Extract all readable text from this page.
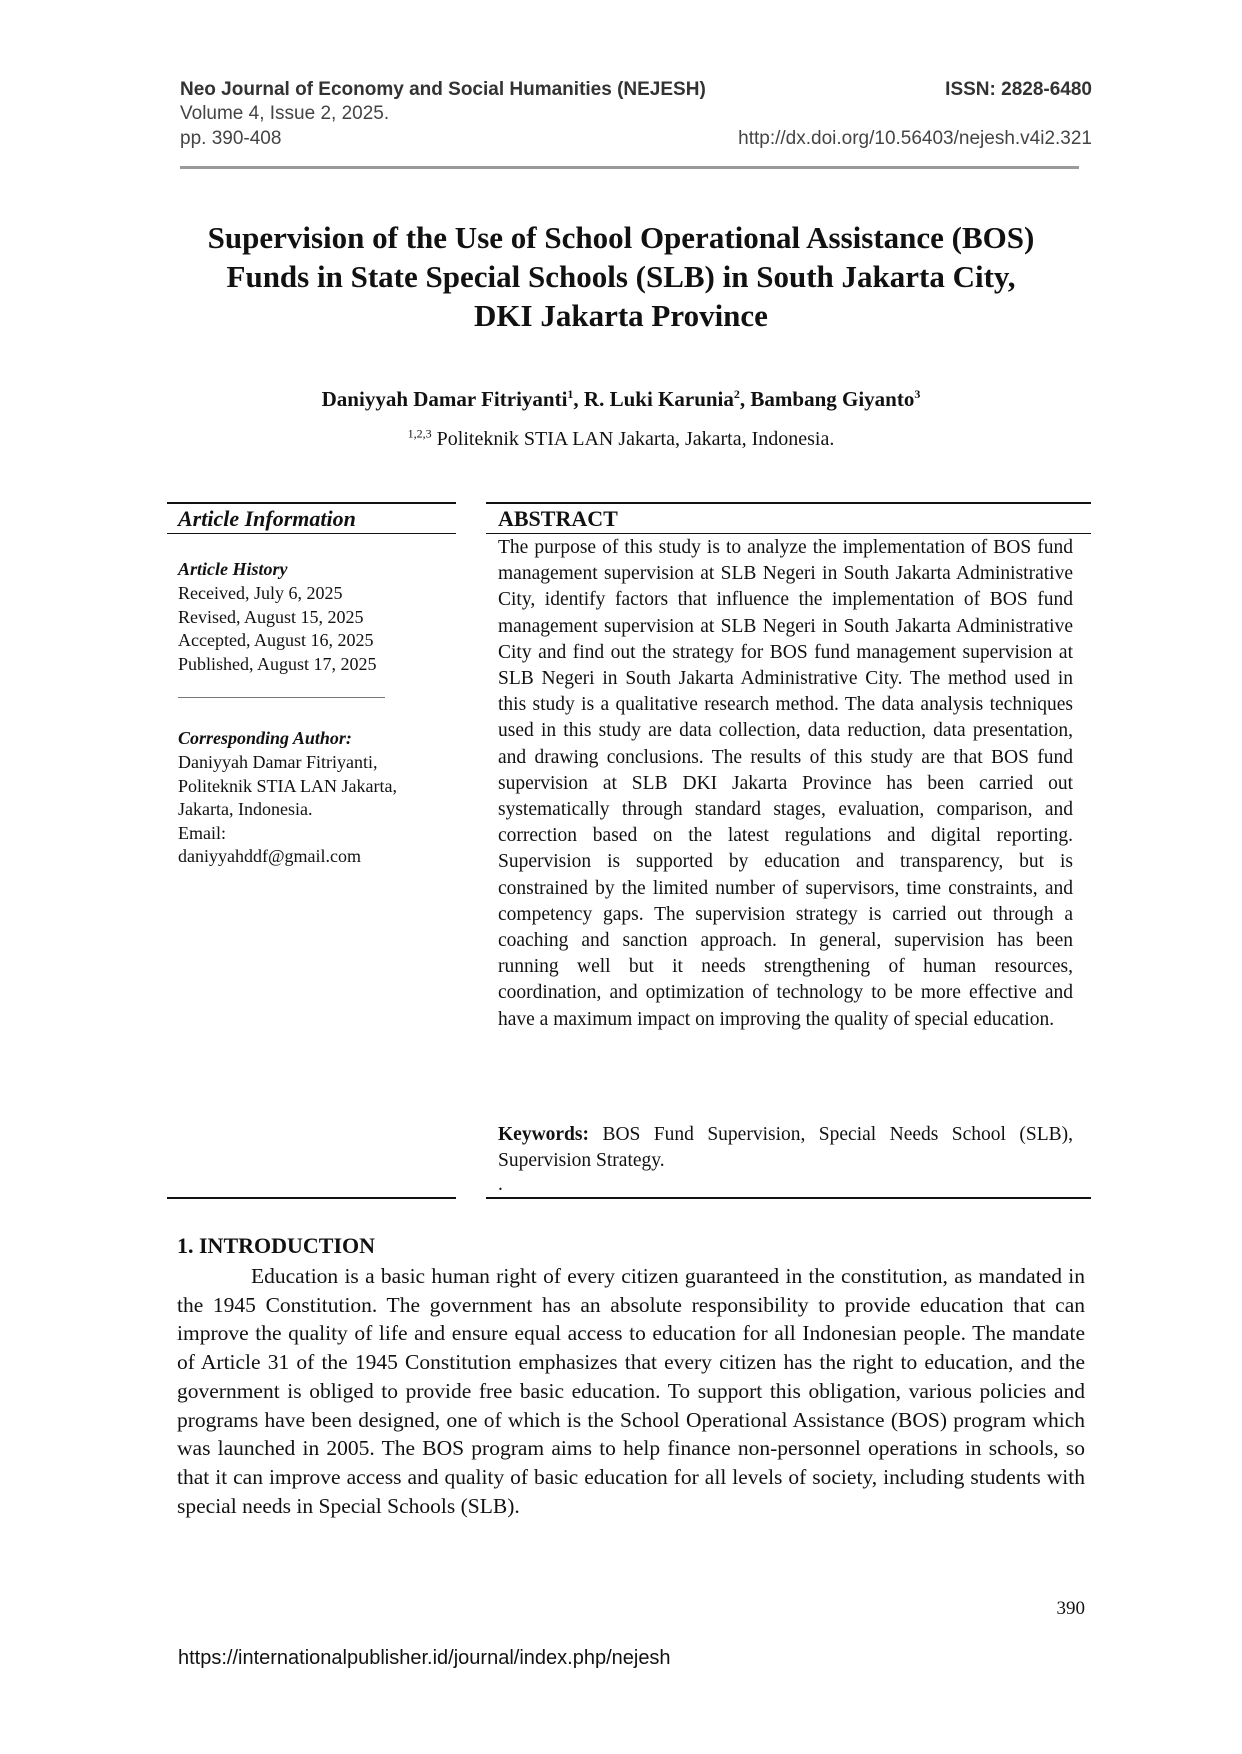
Neo Journal of Economy and Social Humanities (NEJESH)	ISSN: 2828-6480
Volume 4, Issue 2, 2025.
pp. 390-408	http://dx.doi.org/10.56403/nejesh.v4i2.321
Supervision of the Use of School Operational Assistance (BOS)
Funds in State Special Schools (SLB) in South Jakarta City,
DKI Jakarta Province
Daniyyah Damar Fitriyanti$^1$, R. Luki Karunia$^2$, Bambang Giyanto$^3$
$^{1,2,3}$ Politeknik STIA LAN Jakarta, Jakarta, Indonesia.
Article Information
Article History
Received, July 6, 2025
Revised, August 15, 2025
Accepted, August 16, 2025
Published, August 17, 2025
Corresponding Author:
Daniyyah Damar Fitriyanti,
Politeknik STIA LAN Jakarta,
Jakarta, Indonesia.
Email:
daniyyahddf@gmail.com
ABSTRACT
The purpose of this study is to analyze the implementation of BOS fund management supervision at SLB Negeri in South Jakarta Administrative City, identify factors that influence the implementation of BOS fund management supervision at SLB Negeri in South Jakarta Administrative City and find out the strategy for BOS fund management supervision at SLB Negeri in South Jakarta Administrative City. The method used in this study is a qualitative research method. The data analysis techniques used in this study are data collection, data reduction, data presentation, and drawing conclusions. The results of this study are that BOS fund supervision at SLB DKI Jakarta Province has been carried out systematically through standard stages, evaluation, comparison, and correction based on the latest regulations and digital reporting. Supervision is supported by education and transparency, but is constrained by the limited number of supervisors, time constraints, and competency gaps. The supervision strategy is carried out through a coaching and sanction approach. In general, supervision has been running well but it needs strengthening of human resources, coordination, and optimization of technology to be more effective and have a maximum impact on improving the quality of special education.
Keywords: BOS Fund Supervision, Special Needs School (SLB), Supervision Strategy.
.
1. INTRODUCTION
Education is a basic human right of every citizen guaranteed in the constitution, as mandated in the 1945 Constitution. The government has an absolute responsibility to provide education that can improve the quality of life and ensure equal access to education for all Indonesian people. The mandate of Article 31 of the 1945 Constitution emphasizes that every citizen has the right to education, and the government is obliged to provide free basic education. To support this obligation, various policies and programs have been designed, one of which is the School Operational Assistance (BOS) program which was launched in 2005. The BOS program aims to help finance non-personnel operations in schools, so that it can improve access and quality of basic education for all levels of society, including students with special needs in Special Schools (SLB).
390
https://internationalpublisher.id/journal/index.php/nejesh
